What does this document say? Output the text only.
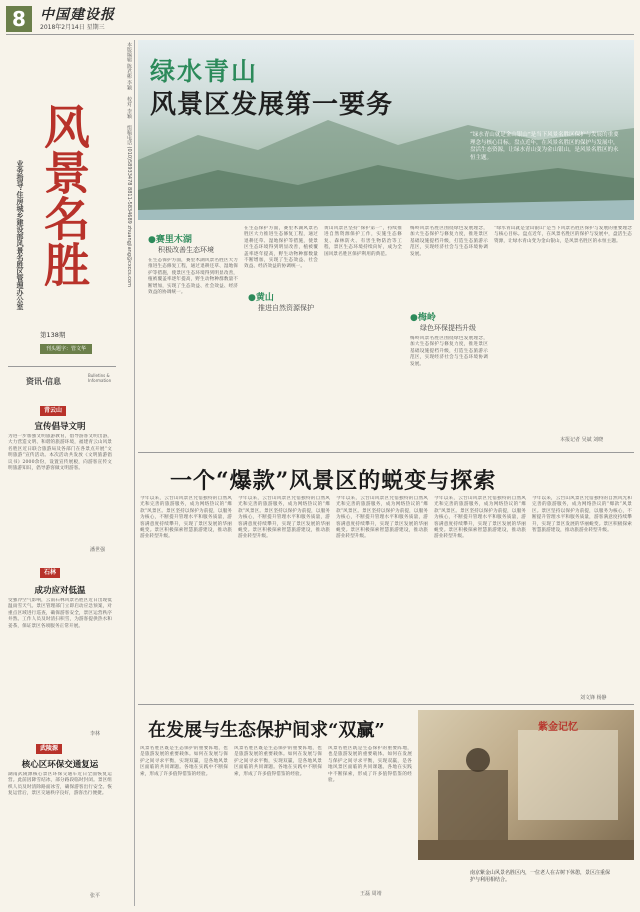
8	中国建设报
2018年2月14日 星期三
本版编辑 陈君彬 李颖　 校对 李颖　 组稿电话 (010)58933478 8811-5834689 zhuangjiang@cxccs.com
风景名胜
业务指导·住房城乡建设部风景名胜区管理办公室
第138期
刊头题字：管文华
资讯·信息
Bulletins & Information
青云山
宣传倡导文明
为进一步加强文明旅游教育，倡导游客文明出游，大力营造文明、和谐的旅游环境，福建青云山风景名胜区近日联合旅游局及各部门在各景点开展“文明旅游”宣传活动。本次活动共发放《文明旅游倡议书》2000余份，设置宣传展板，向游客宣传文明旅游知识，倡导游客做文明游客。
潘世强
石林
成功应对低温
受强冷空气影响，云南石林风景名胜区近日出现低温雨雪天气。景区管理部门立即启动应急预案，对重点区域进行巡查，确保游客安全，景区运营秩序井然。工作人员及时清扫积雪，为游客提供热水和姜茶，保证景区各项服务正常开展。
李林
武陵源
核心区环保交通复运
湖南武陵源核心景区环保交通车近日全面恢复运营。此前因降雪结冰，部分路段临时封闭。景区组织人员及时清除路面冰雪，确保游客出行安全。恢复运营后，景区交通秩序良好，游客出行便捷。
张平
绿水青山
风景区发展第一要务
“绿水青山就是金山银山”是当下风景名胜区保护与发展的重要理念与核心目标。盘点近年，在风景名胜区的保护与发展中，盘活生态资源，让绿水青山变为金山银山，是风景名胜区的永恒主题。
●赛里木湖
积极改善生态环境
在生态保护方面，赛里木湖风景名胜区大力推进生态修复工程，通过退耕还草、湿地保护等措施，使景区生态环境得到明显改善，植被覆盖率逐年提高，野生动物种群数量不断增加，实现了生态效益、社会效益、经济效益的协调统一。
在生态保护方面，赛里木湖风景名胜区大力推进生态修复工程，通过退耕还草、湿地保护等措施，使景区生态环境得到明显改善，植被覆盖率逐年提高，野生动物种群数量不断增加，实现了生态效益、社会效益、经济效益的协调统一。
●黄山
推进自然资源保护
黄山风景区坚持“保护第一”，持续推进自然资源保护工作，实施生态修复、森林防火、有害生物防治等工程，景区生态环境持续向好，成为全国风景名胜区保护利用的典范。
●梅岭
绿色环保提档升级
梅岭风景名胜区围绕绿色发展理念，加大生态保护与修复力度，推进景区基础设施提档升级，打造生态旅游示范区，实现经济社会与生态环境协调发展。
梅岭风景名胜区围绕绿色发展理念，加大生态保护与修复力度，推进景区基础设施提档升级，打造生态旅游示范区，实现经济社会与生态环境协调发展。
“绿水青山就是金山银山”是当下风景名胜区保护与发展的重要理念与核心目标。盘点近年，在风景名胜区的保护与发展中，盘活生态资源，让绿水青山变为金山银山，是风景名胜区的永恒主题。
本报记者 吴斌 刘晓
一个“爆款”风景区的蜕变与探索
今年以来，云台山风景区凭借独特的自然风光和完善的旅游服务，成为网络热议的“爆款”风景区。景区坚持以保护为前提，以服务为核心，不断提升管理水平和服务质量，游客满意度持续攀升，实现了景区发展的华丽蜕变。景区积极探索智慧旅游建设，推动旅游业转型升级。
今年以来，云台山风景区凭借独特的自然风光和完善的旅游服务，成为网络热议的“爆款”风景区。景区坚持以保护为前提，以服务为核心，不断提升管理水平和服务质量，游客满意度持续攀升，实现了景区发展的华丽蜕变。景区积极探索智慧旅游建设，推动旅游业转型升级。
今年以来，云台山风景区凭借独特的自然风光和完善的旅游服务，成为网络热议的“爆款”风景区。景区坚持以保护为前提，以服务为核心，不断提升管理水平和服务质量，游客满意度持续攀升，实现了景区发展的华丽蜕变。景区积极探索智慧旅游建设，推动旅游业转型升级。
今年以来，云台山风景区凭借独特的自然风光和完善的旅游服务，成为网络热议的“爆款”风景区。景区坚持以保护为前提，以服务为核心，不断提升管理水平和服务质量，游客满意度持续攀升，实现了景区发展的华丽蜕变。景区积极探索智慧旅游建设，推动旅游业转型升级。
今年以来，云台山风景区凭借独特的自然风光和完善的旅游服务，成为网络热议的“爆款”风景区。景区坚持以保护为前提，以服务为核心，不断提升管理水平和服务质量，游客满意度持续攀升，实现了景区发展的华丽蜕变。景区积极探索智慧旅游建设，推动旅游业转型升级。
刘文锋 杨静
在发展与生态保护间求“双赢”
风景名胜区既是生态保护的重要阵地，也是旅游发展的重要载体。如何在发展与保护之间寻求平衡，实现双赢，是各地风景区面临的共同课题。各地在实践中不断探索，形成了许多值得借鉴的经验。
风景名胜区既是生态保护的重要阵地，也是旅游发展的重要载体。如何在发展与保护之间寻求平衡，实现双赢，是各地风景区面临的共同课题。各地在实践中不断探索，形成了许多值得借鉴的经验。
风景名胜区既是生态保护的重要阵地，也是旅游发展的重要载体。如何在发展与保护之间寻求平衡，实现双赢，是各地风景区面临的共同课题。各地在实践中不断探索，形成了许多值得借鉴的经验。
王磊 周靖
紫金记忆
南京紫金山风景名胜区内，一位老人在古树下休憩，景区注重保护与利用相结合。
